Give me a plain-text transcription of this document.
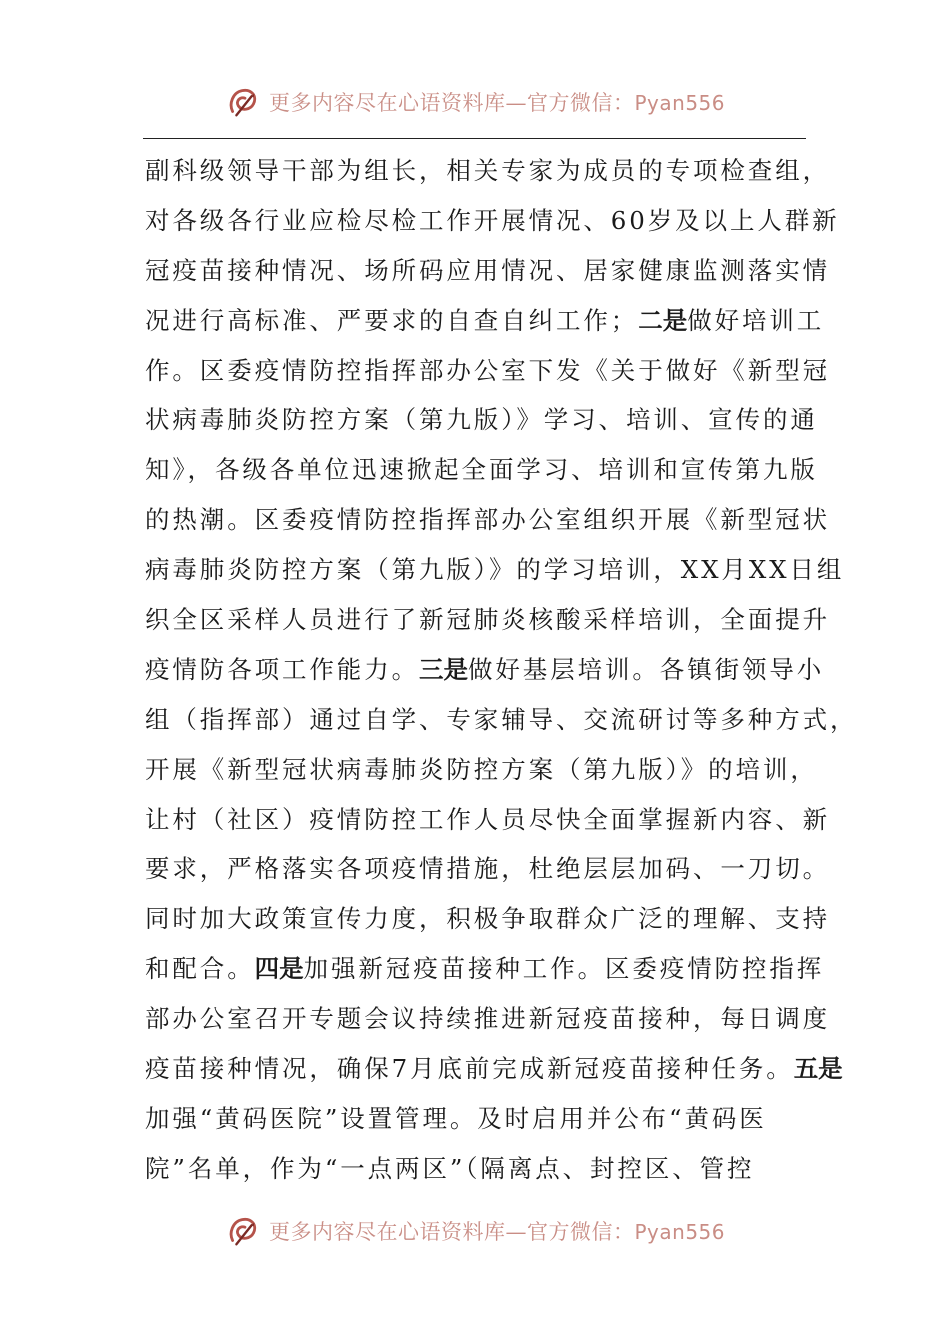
更多内容尽在心语资料库—官方微信：Pyan556
副科级领导干部为组长，相关专家为成员的专项检查组，
对各级各行业应检尽检工作开展情况、60岁及以上人群新
冠疫苗接种情况、场所码应用情况、居家健康监测落实情
况进行高标准、严要求的自查自纠工作；二是做好培训工
作。区委疫情防控指挥部办公室下发《关于做好《新型冠
状病毒肺炎防控方案（第九版）》学习、培训、宣传的通
知》，各级各单位迅速掀起全面学习、培训和宣传第九版
的热潮。区委疫情防控指挥部办公室组织开展《新型冠状
病毒肺炎防控方案（第九版）》的学习培训，XX月XX日组
织全区采样人员进行了新冠肺炎核酸采样培训，全面提升
疫情防各项工作能力。三是做好基层培训。各镇街领导小
组（指挥部）通过自学、专家辅导、交流研讨等多种方式，
开展《新型冠状病毒肺炎防控方案（第九版）》的培训，
让村（社区）疫情防控工作人员尽快全面掌握新内容、新
要求，严格落实各项疫情措施，杜绝层层加码、一刀切。
同时加大政策宣传力度，积极争取群众广泛的理解、支持
和配合。四是加强新冠疫苗接种工作。区委疫情防控指挥
部办公室召开专题会议持续推进新冠疫苗接种，每日调度
疫苗接种情况，确保7月底前完成新冠疫苗接种任务。五是
加强“黄码医院”设置管理。及时启用并公布“黄码医
院”名单，作为“一点两区”（隔离点、封控区、管控
更多内容尽在心语资料库—官方微信：Pyan556
